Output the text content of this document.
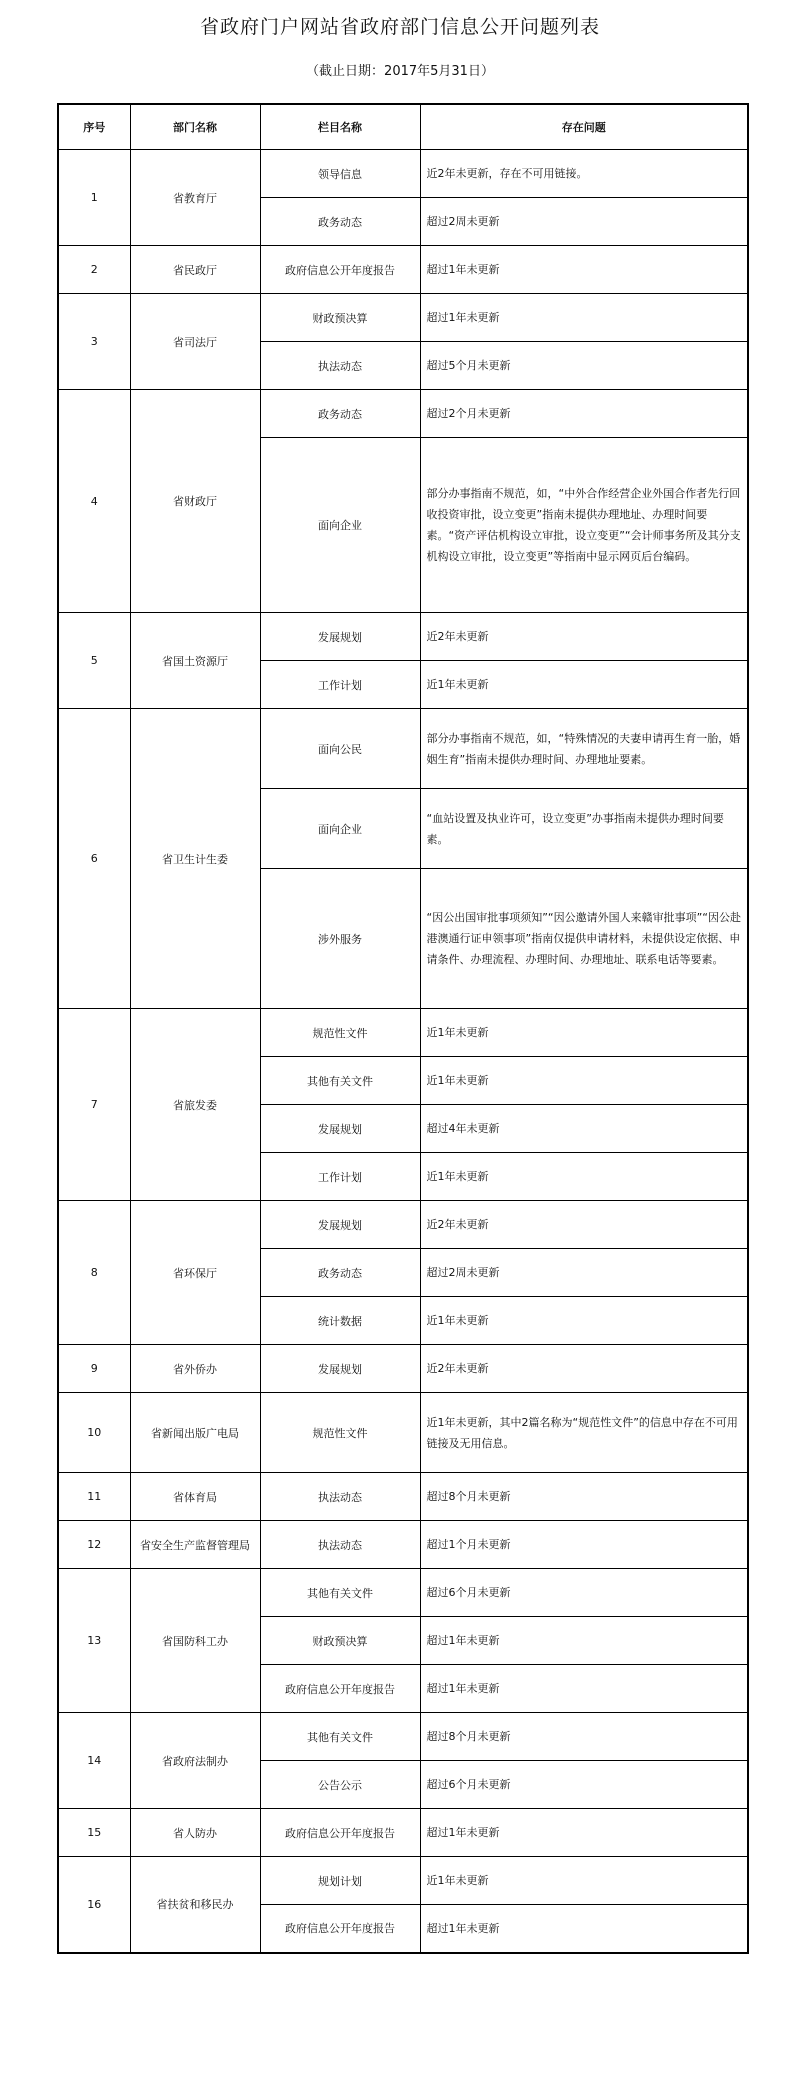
省政府门户网站省政府部门信息公开问题列表
（截止日期：2017年5月31日）
序号	部门名称	栏目名称	存在问题
1	省教育厅	领导信息	近2年未更新，存在不可用链接。
		政务动态	超过2周未更新
2	省民政厅	政府信息公开年度报告	超过1年未更新
3	省司法厅	财政预决算	超过1年未更新
		执法动态	超过5个月未更新
4	省财政厅	政务动态	超过2个月未更新
		面向企业	部分办事指南不规范，如，“中外合作经营企业外国合作者先行回收投资审批，设立变更”指南未提供办理地址、办理时间要素。“资产评估机构设立审批，设立变更”“会计师事务所及其分支机构设立审批，设立变更”等指南中显示网页后台编码。
5	省国土资源厅	发展规划	近2年未更新
		工作计划	近1年未更新
6	省卫生计生委	面向公民	部分办事指南不规范，如，“特殊情况的夫妻申请再生育一胎，婚姻生育”指南未提供办理时间、办理地址要素。
		面向企业	“血站设置及执业许可，设立变更”办事指南未提供办理时间要素。
		涉外服务	“因公出国审批事项须知”“因公邀请外国人来赣审批事项”“因公赴港澳通行证申领事项”指南仅提供申请材料，未提供设定依据、申请条件、办理流程、办理时间、办理地址、联系电话等要素。
7	省旅发委	规范性文件	近1年未更新
		其他有关文件	近1年未更新
		发展规划	超过4年未更新
		工作计划	近1年未更新
8	省环保厅	发展规划	近2年未更新
		政务动态	超过2周未更新
		统计数据	近1年未更新
9	省外侨办	发展规划	近2年未更新
10	省新闻出版广电局	规范性文件	近1年未更新，其中2篇名称为“规范性文件”的信息中存在不可用链接及无用信息。
11	省体育局	执法动态	超过8个月未更新
12	省安全生产监督管理局	执法动态	超过1个月未更新
13	省国防科工办	其他有关文件	超过6个月未更新
		财政预决算	超过1年未更新
		政府信息公开年度报告	超过1年未更新
14	省政府法制办	其他有关文件	超过8个月未更新
		公告公示	超过6个月未更新
15	省人防办	政府信息公开年度报告	超过1年未更新
16	省扶贫和移民办	规划计划	近1年未更新
		政府信息公开年度报告	超过1年未更新
